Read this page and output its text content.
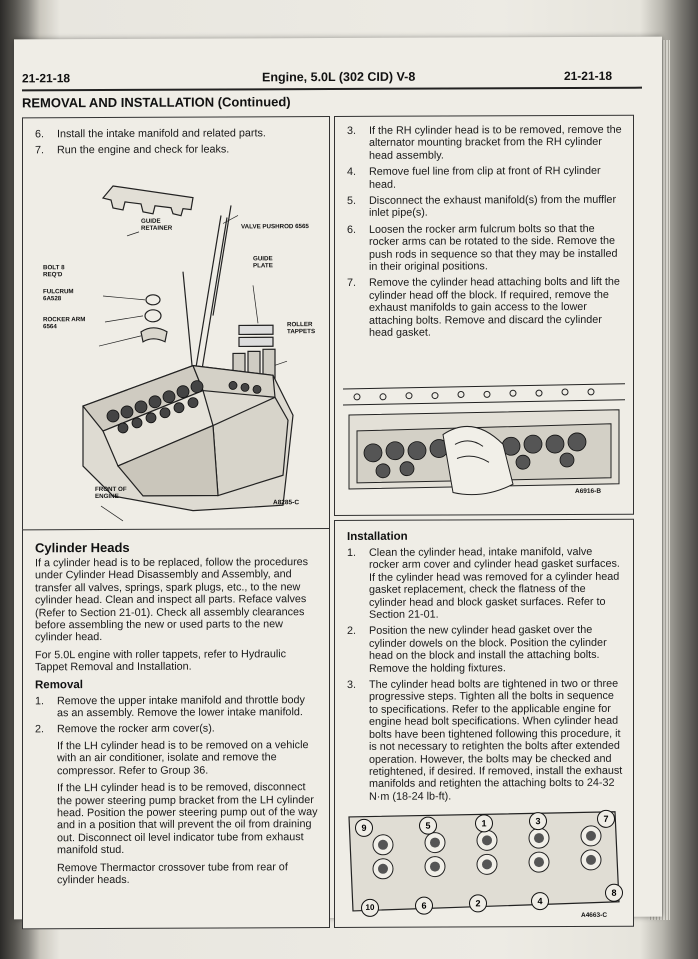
21-21-18	Engine, 5.0L (302 CID) V-8	21-21-18
REMOVAL AND INSTALLATION (Continued)
6.	Install the intake manifold and related parts.
7.	Run the engine and check for leaks.
GUIDE RETAINER	VALVE PUSHROD 6565
BOLT 8 REQ'D
GUIDE PLATE
FULCRUM 6A528
ROCKER ARM 6564	ROLLER TAPPETS
FRONT OF ENGINE
A8285-C
Cylinder Heads

If a cylinder head is to be replaced, follow the procedures under Cylinder Head Disassembly and Assembly, and transfer all valves, springs, spark plugs, etc., to the new cylinder head. Clean and inspect all parts. Reface valves (Refer to Section 21-01). Check all assembly clearances before assembling the new or used parts to the new cylinder head.

For 5.0L engine with roller tappets, refer to Hydraulic Tappet Removal and Installation.

Removal
1.	Remove the upper intake manifold and throttle body as an assembly. Remove the lower intake manifold.
2.	Remove the rocker arm cover(s).

If the LH cylinder head is to be removed on a vehicle with an air conditioner, isolate and remove the compressor. Refer to Group 36.

If the LH cylinder head is to be removed, disconnect the power steering pump bracket from the LH cylinder head. Position the power steering pump out of the way and in a position that will prevent the oil from draining out. Disconnect oil level indicator tube from exhaust manifold stud.

Remove Thermactor crossover tube from rear of cylinder heads.

3.	If the RH cylinder head is to be removed, remove the alternator mounting bracket from the RH cylinder head assembly.
4.	Remove fuel line from clip at front of RH cylinder head.
5.	Disconnect the exhaust manifold(s) from the muffler inlet pipe(s).
6.	Loosen the rocker arm fulcrum bolts so that the rocker arms can be rotated to the side. Remove the push rods in sequence so that they may be installed in their original positions.
7.	Remove the cylinder head attaching bolts and lift the cylinder head off the block. If required, remove the exhaust manifolds to gain access to the lower attaching bolts. Remove and discard the cylinder head gasket.
A6916-B
Installation
1.	Clean the cylinder head, intake manifold, valve rocker arm cover and cylinder head gasket surfaces. If the cylinder head was removed for a cylinder head gasket replacement, check the flatness of the cylinder head and block gasket surfaces. Refer to Section 21-01.
2.	Position the new cylinder head gasket over the cylinder dowels on the block. Position the cylinder head on the block and install the attaching bolts. Remove the holding fixtures.
3.	The cylinder head bolts are tightened in two or three progressive steps. Tighten all the bolts in sequence to specifications. Refer to the applicable engine for engine head bolt specifications. When cylinder head bolts have been tightened following this procedure, it is not necessary to retighten the bolts after extended operation. However, the bolts may be checked and retightened, if desired. If removed, install the exhaust manifolds and retighten the attaching bolts to 24-32 N·m (18-24 lb-ft).
9	5	1	3	7
10	6	2	4
8
A4663-C
